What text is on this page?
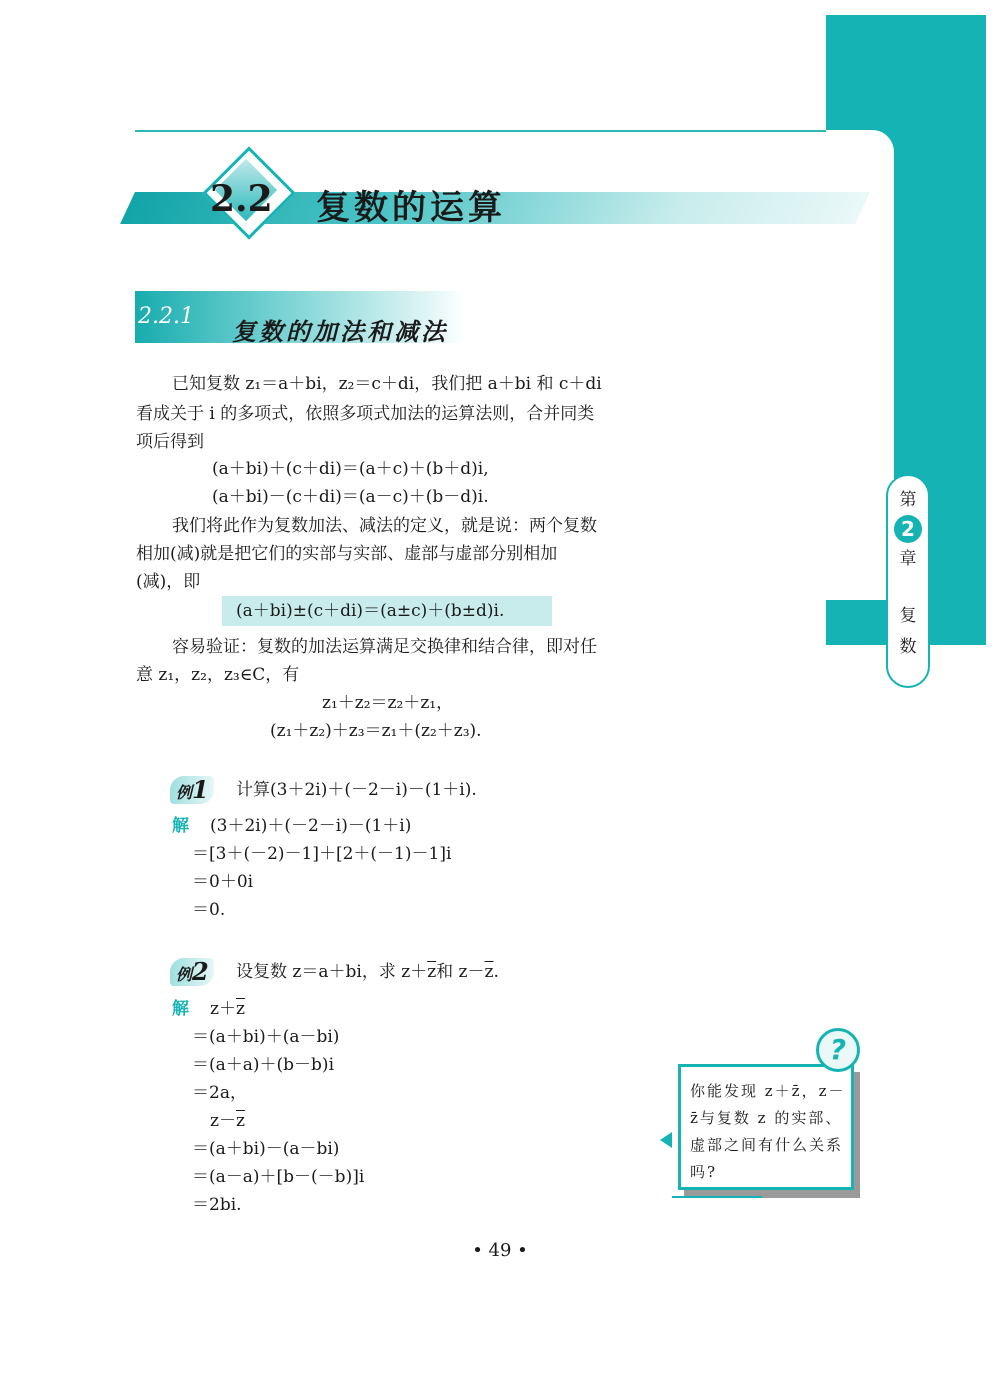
第
2
章
复
数
2.2 复数的运算
2.2.1
复数的加法和减法
已知复数 z₁＝a＋bi，z₂＝c＋di，我们把 a＋bi 和 c＋di
看成关于 i 的多项式，依照多项式加法的运算法则，合并同类
项后得到
(a＋bi)＋(c＋di)＝(a＋c)＋(b＋d)i,
(a＋bi)－(c＋di)＝(a－c)＋(b－d)i.
我们将此作为复数加法、减法的定义，就是说：两个复数
相加(减)就是把它们的实部与实部、虚部与虚部分别相加
(减)，即
(a＋bi)±(c＋di)＝(a±c)＋(b±d)i.
容易验证：复数的加法运算满足交换律和结合律，即对任
意 z₁，z₂，z₃∈C，有
z₁＋z₂＝z₂＋z₁，
(z₁＋z₂)＋z₃＝z₁＋(z₂＋z₃).
例1	计算(3＋2i)＋(－2－i)－(1＋i).
解 (3＋2i)＋(－2－i)－(1＋i)
＝[3＋(－2)－1]＋[2＋(－1)－1]i
＝0＋0i
＝0.
例2	设复数 z＝a＋bi，求 $z+\overline{z}$和 $z-\overline{z}$.
解 $z+\overline{z}$
＝(a＋bi)＋(a－bi)
＝(a＋a)＋(b－b)i
＝2a，
$z-\overline{z}$
＝(a＋bi)－(a－bi)
＝(a－a)＋[b－(－b)]i
＝2bi.
你能发现 z＋z̄，z－z̄与复数 z 的实部、虚部之间有什么关系吗?
?
• 49 •
